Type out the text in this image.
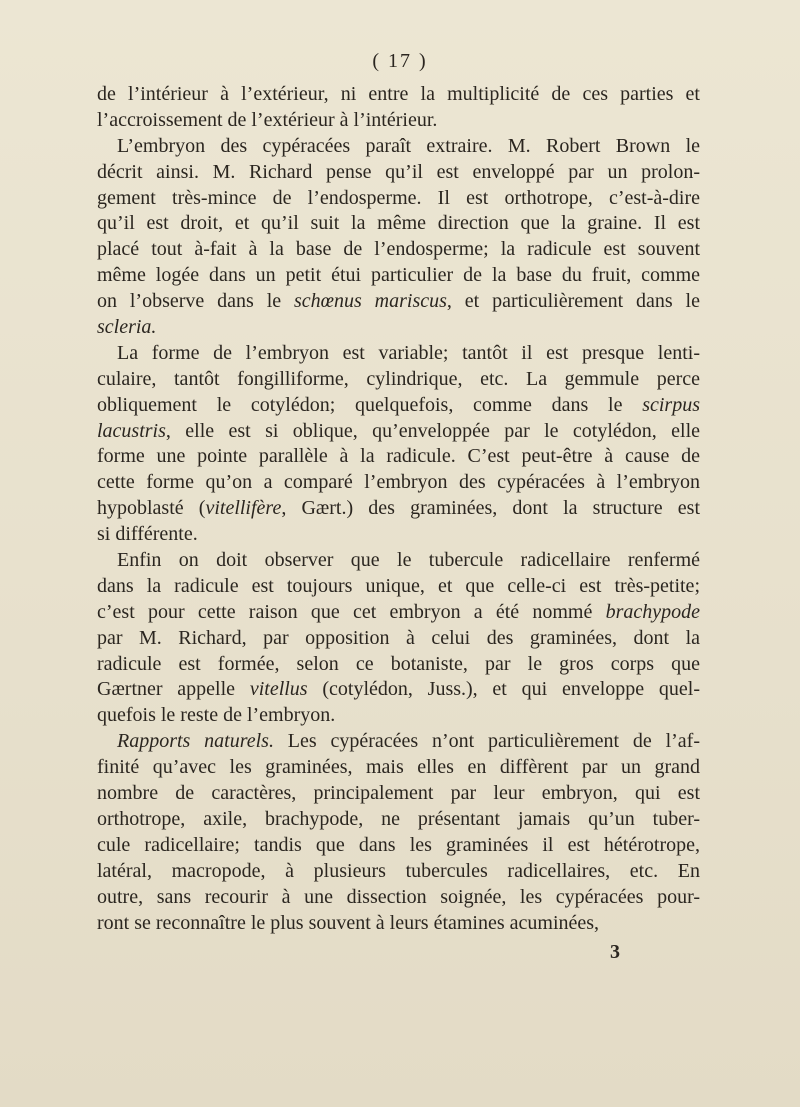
( 17 )
de l’intérieur à l’extérieur, ni entre la multiplicité de ces parties et
l’accroissement de l’extérieur à l’intérieur.
L’embryon des cypéracées paraît extraire. M. Robert Brown le
décrit ainsi. M. Richard pense qu’il est enveloppé par un prolon-
gement très-mince de l’endosperme. Il est orthotrope, c’est-à-dire
qu’il est droit, et qu’il suit la même direction que la graine. Il est
placé tout à-fait à la base de l’endosperme; la radicule est souvent
même logée dans un petit étui particulier de la base du fruit, comme
on l’observe dans le schœnus mariscus, et particulièrement dans le
scleria.
La forme de l’embryon est variable; tantôt il est presque lenti-
culaire, tantôt fongilliforme, cylindrique, etc. La gemmule perce
obliquement le cotylédon; quelquefois, comme dans le scirpus
lacustris, elle est si oblique, qu’enveloppée par le cotylédon, elle
forme une pointe parallèle à la radicule. C’est peut-être à cause de
cette forme qu’on a comparé l’embryon des cypéracées à l’embryon
hypoblasté (vitellifère, Gært.) des graminées, dont la structure est
si différente.
Enfin on doit observer que le tubercule radicellaire renfermé
dans la radicule est toujours unique, et que celle-ci est très-petite;
c’est pour cette raison que cet embryon a été nommé brachypode
par M. Richard, par opposition à celui des graminées, dont la
radicule est formée, selon ce botaniste, par le gros corps que
Gærtner appelle vitellus (cotylédon, Juss.), et qui enveloppe quel-
quefois le reste de l’embryon.
Rapports naturels. Les cypéracées n’ont particulièrement de l’af-
finité qu’avec les graminées, mais elles en diffèrent par un grand
nombre de caractères, principalement par leur embryon, qui est
orthotrope, axile, brachypode, ne présentant jamais qu’un tuber-
cule radicellaire; tandis que dans les graminées il est hétérotrope,
latéral, macropode, à plusieurs tubercules radicellaires, etc. En
outre, sans recourir à une dissection soignée, les cypéracées pour-
ront se reconnaître le plus souvent à leurs étamines acuminées,
3
